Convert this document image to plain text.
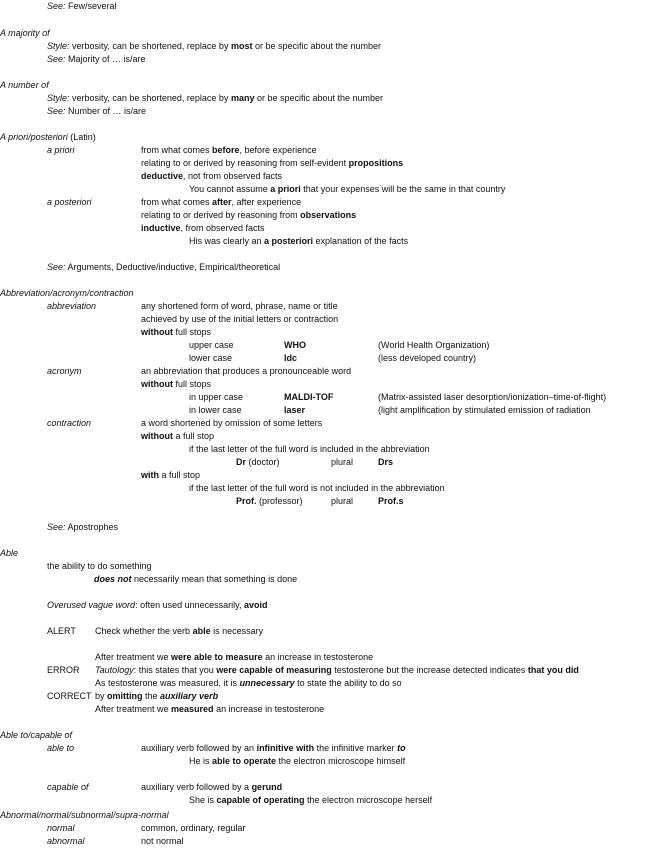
See: Few/several
A majority of
Style: verbosity, can be shortened, replace by most or be specific about the number
See: Majority of … is/are
A number of
Style: verbosity, can be shortened, replace by many or be specific about the number
See: Number of … is/are
A priori/posteriori (Latin)
a priori	from what comes before, before experience
relating to or derived by reasoning from self-evident propositions
deductive, not from observed facts
You cannot assume a priori that your expenses will be the same in that country
a posteriori	from what comes after, after experience
relating to or derived by reasoning from observations
inductive, from observed facts
His was clearly an a posteriori explanation of the facts
See: Arguments, Deductive/inductive, Empirical/theoretical
Abbreviation/acronym/contraction
abbreviation	any shortened form of word, phrase, name or title
achieved by use of the initial letters or contraction
without full stops
upper case	WHO	(World Health Organization)
lower case	ldc	(less developed country)
acronym	an abbreviation that produces a pronounceable word
without full stops
in upper case	MALDI-TOF	(Matrix-assisted laser desorption/ionization–time-of-flight)
in lower case	laser	(light amplification by stimulated emission of radiation
contraction	a word shortened by omission of some letters
without a full stop
if the last letter of the full word is included in the abbreviation
Dr (doctor)	plural	Drs
with a full stop
if the last letter of the full word is not included in the abbreviation
Prof. (professor)	plural	Prof.s
See: Apostrophes
Able
the ability to do something
does not necessarily mean that something is done
Overused vague word: often used unnecessarily, avoid
ALERT Check whether the verb able is necessary
After treatment we were able to measure an increase in testosterone
ERROR Tautology: this states that you were capable of measuring testosterone but the increase detected indicates that you did
As testosterone was measured, it is unnecessary to state the ability to do so
CORRECT by omitting the auxiliary verb
After treatment we measured an increase in testosterone
Able to/capable of
able to	auxiliary verb followed by an infinitive with the infinitive marker to
He is able to operate the electron microscope himself
capable of	auxiliary verb followed by a gerund
She is capable of operating the electron microscope herself
Abnormal/normal/subnormal/supra-normal
normal	common, ordinary, regular
abnormal	not normal
